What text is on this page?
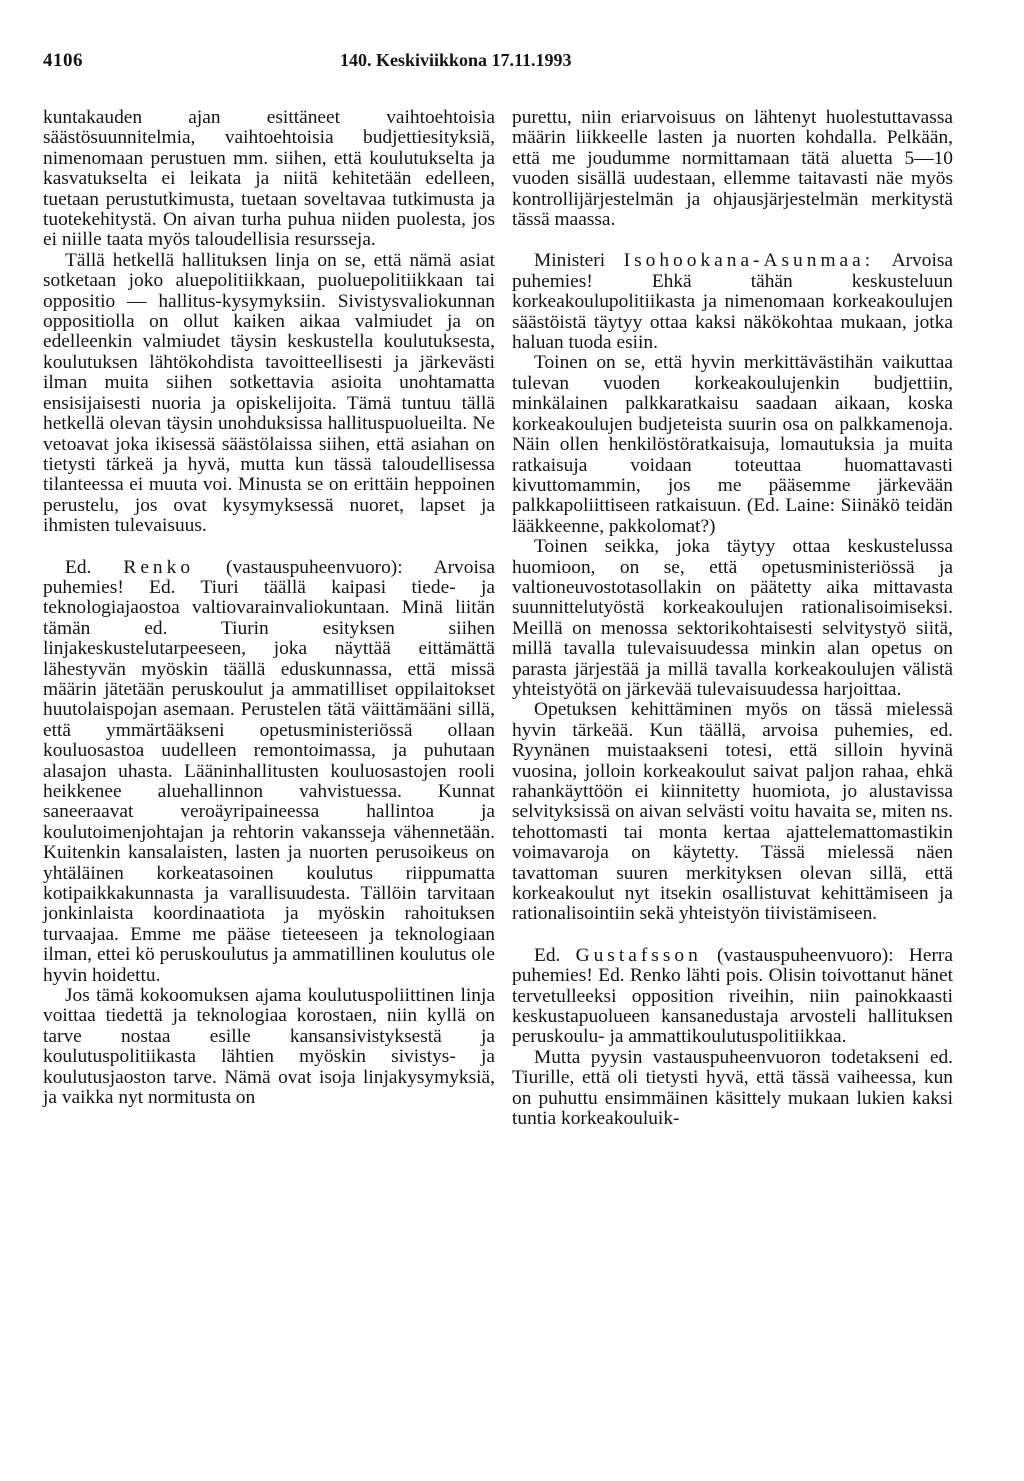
4106	140. Keskiviikkona 17.11.1993

kuntakauden ajan esittäneet vaihtoehtoisia säästösuunnitelmia, vaihtoehtoisia budjettiesityksiä, nimenomaan perustuen mm. siihen, että koulutukselta ja kasvatukselta ei leikata ja niitä kehitetään edelleen, tuetaan perustutkimusta, tuetaan soveltavaa tutkimusta ja tuotekehitystä. On aivan turha puhua niiden puolesta, jos ei niille taata myös taloudellisia resursseja.

Tällä hetkellä hallituksen linja on se, että nämä asiat sotketaan joko aluepolitiikkaan, puoluepolitiikkaan tai oppositio — hallitus-kysymyksiin. Sivistysvaliokunnan oppositiolla on ollut kaiken aikaa valmiudet ja on edelleenkin valmiudet täysin keskustella koulutuksesta, koulutuksen lähtökohdista tavoitteellisesti ja järkevästi ilman muita siihen sotkettavia asioita unohtamatta ensisijaisesti nuoria ja opiskelijoita. Tämä tuntuu tällä hetkellä olevan täysin unohduksissa hallituspuolueilta. Ne vetoavat joka ikisessä säästölaissa siihen, että asiahan on tietysti tärkeä ja hyvä, mutta kun tässä taloudellisessa tilanteessa ei muuta voi. Minusta se on erittäin heppoinen perustelu, jos ovat kysymyksessä nuoret, lapset ja ihmisten tulevaisuus.

Ed. Renko (vastauspuheenvuoro): Arvoisa puhemies! Ed. Tiuri täällä kaipasi tiede- ja teknologiajaostoa valtiovarainvaliokuntaan. Minä liitän tämän ed. Tiurin esityksen siihen linjakeskustelutarpeeseen, joka näyttää eittämättä lähestyvän myöskin täällä eduskunnassa, että missä määrin jätetään peruskoulut ja ammatilliset oppilaitokset huutolaispojan asemaan. Perustelen tätä väittämääni sillä, että ymmärtääkseni opetusministeriössä ollaan kouluosastoa uudelleen remontoimassa, ja puhutaan alasajon uhasta. Lääninhallitusten kouluosastojen rooli heikkenee aluehallinnon vahvistuessa. Kunnat saneeraavat veroäyripaineessa hallintoa ja koulutoimenjohtajan ja rehtorin vakansseja vähennetään. Kuitenkin kansalaisten, lasten ja nuorten perusoikeus on yhtäläinen korkeatasoinen koulutus riippumatta kotipaikkakunnasta ja varallisuudesta. Tällöin tarvitaan jonkinlaista koordinaatiota ja myöskin rahoituksen turvaajaa. Emme me pääse tieteeseen ja teknologiaan ilman, ettei kö peruskoulutus ja ammatillinen koulutus ole hyvin hoidettu.

Jos tämä kokoomuksen ajama koulutuspoliittinen linja voittaa tiedettä ja teknologiaa korostaen, niin kyllä on tarve nostaa esille kansansivistyksestä ja koulutuspolitiikasta lähtien myöskin sivistys- ja koulutusjaoston tarve. Nämä ovat isoja linjakysymyksiä, ja vaikka nyt normitusta on

purettu, niin eriarvoisuus on lähtenyt huolestuttavassa määrin liikkeelle lasten ja nuorten kohdalla. Pelkään, että me joudumme normittamaan tätä aluetta 5—10 vuoden sisällä uudestaan, ellemme taitavasti näe myös kontrollijärjestelmän ja ohjausjärjestelmän merkitystä tässä maassa.

Ministeri Isohookana-Asunmaa: Arvoisa puhemies! Ehkä tähän keskusteluun korkeakoulupolitiikasta ja nimenomaan korkeakoulujen säästöistä täytyy ottaa kaksi näkökohtaa mukaan, jotka haluan tuoda esiin.

Toinen on se, että hyvin merkittävästihän vaikuttaa tulevan vuoden korkeakoulujenkin budjettiin, minkälainen palkkaratkaisu saadaan aikaan, koska korkeakoulujen budjeteista suurin osa on palkkamenoja. Näin ollen henkilöstöratkaisuja, lomautuksia ja muita ratkaisuja voidaan toteuttaa huomattavasti kivuttomammin, jos me pääsemme järkevään palkkapoliittiseen ratkaisuun. (Ed. Laine: Siinäkö teidän lääkkeenne, pakkolomat?)

Toinen seikka, joka täytyy ottaa keskustelussa huomioon, on se, että opetusministeriössä ja valtioneuvostotasollakin on päätetty aika mittavasta suunnittelutyöstä korkeakoulujen rationalisoimiseksi. Meillä on menossa sektorikohtaisesti selvitystyö siitä, millä tavalla tulevaisuudessa minkin alan opetus on parasta järjestää ja millä tavalla korkeakoulujen välistä yhteistyötä on järkevää tulevaisuudessa harjoittaa.

Opetuksen kehittäminen myös on tässä mielessä hyvin tärkeää. Kun täällä, arvoisa puhemies, ed. Ryynänen muistaakseni totesi, että silloin hyvinä vuosina, jolloin korkeakoulut saivat paljon rahaa, ehkä rahankäyttöön ei kiinnitetty huomiota, jo alustavissa selvityksissä on aivan selvästi voitu havaita se, miten ns. tehottomasti tai monta kertaa ajattelemattomastikin voimavaroja on käytetty. Tässä mielessä näen tavattoman suuren merkityksen olevan sillä, että korkeakoulut nyt itsekin osallistuvat kehittämiseen ja rationalisointiin sekä yhteistyön tiivistämiseen.

Ed. Gustafsson (vastauspuheenvuoro): Herra puhemies! Ed. Renko lähti pois. Olisin toivottanut hänet tervetulleeksi opposition riveihin, niin painokkaasti keskustapuolueen kansanedustaja arvosteli hallituksen peruskoulu- ja ammattikoulutuspolitiikkaa.

Mutta pyysin vastauspuheenvuoron todetakseni ed. Tiurille, että oli tietysti hyvä, että tässä vaiheessa, kun on puhuttu ensimmäinen käsittely mukaan lukien kaksi tuntia korkeakouluik-
